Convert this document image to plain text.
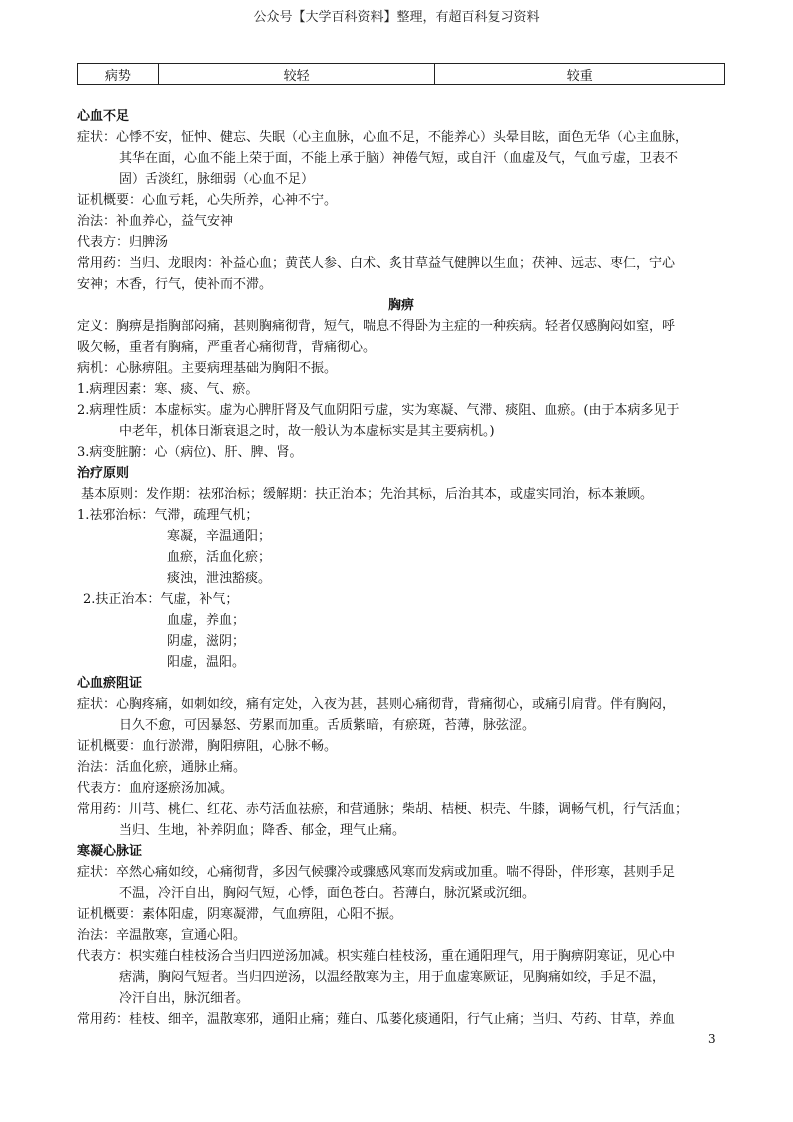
公众号【大学百科资料】整理，有超百科复习资料
病势	较轻	较重
心血不足
症状：心悸不安，怔忡、健忘、失眠（心主血脉，心血不足，不能养心）头晕目眩，面色无华（心主血脉，
其华在面，心血不能上荣于面，不能上承于脑）神倦气短，或自汗（血虚及气，气血亏虚，卫表不
固）舌淡红，脉细弱（心血不足）
证机概要：心血亏耗，心失所养，心神不宁。
治法：补血养心，益气安神
代表方：归脾汤
常用药：当归、龙眼肉：补益心血；黄芪人参、白术、炙甘草益气健脾以生血；茯神、远志、枣仁，宁心
安神；木香，行气，使补而不滞。
胸痹
定义：胸痹是指胸部闷痛，甚则胸痛彻背，短气，喘息不得卧为主症的一种疾病。轻者仅感胸闷如窒，呼
吸欠畅，重者有胸痛，严重者心痛彻背，背痛彻心。
病机：心脉痹阻。主要病理基础为胸阳不振。
1.病理因素：寒、痰、气、瘀。
2.病理性质：本虚标实。虚为心脾肝肾及气血阴阳亏虚，实为寒凝、气滞、痰阻、血瘀。(由于本病多见于
中老年，机体日渐衰退之时，故一般认为本虚标实是其主要病机。)
3.病变脏腑：心（病位)、肝、脾、肾。
治疗原则
基本原则：发作期：祛邪治标；缓解期：扶正治本；先治其标，后治其本，或虚实同治，标本兼顾。
1.祛邪治标：气滞，疏理气机；
寒凝，辛温通阳；
血瘀，活血化瘀；
痰浊，泄浊豁痰。
2.扶正治本：气虚，补气；
血虚，养血；
阴虚，滋阴；
阳虚，温阳。
心血瘀阻证
症状：心胸疼痛，如刺如绞，痛有定处，入夜为甚，甚则心痛彻背，背痛彻心，或痛引肩背。伴有胸闷，
日久不愈，可因暴怒、劳累而加重。舌质紫暗，有瘀斑，苔薄，脉弦涩。
证机概要：血行淤滞，胸阳痹阻，心脉不畅。
治法：活血化瘀，通脉止痛。
代表方：血府逐瘀汤加减。
常用药：川芎、桃仁、红花、赤芍活血祛瘀，和营通脉；柴胡、桔梗、枳壳、牛膝，调畅气机，行气活血；
当归、生地，补养阴血；降香、郁金，理气止痛。
寒凝心脉证
症状：卒然心痛如绞，心痛彻背，多因气候骤冷或骤感风寒而发病或加重。喘不得卧，伴形寒，甚则手足
不温，冷汗自出，胸闷气短，心悸，面色苍白。苔薄白，脉沉紧或沉细。
证机概要：素体阳虚，阴寒凝滞，气血痹阻，心阳不振。
治法：辛温散寒，宣通心阳。
代表方：枳实薤白桂枝汤合当归四逆汤加减。枳实薤白桂枝汤，重在通阳理气，用于胸痹阴寒证，见心中
痞满，胸闷气短者。当归四逆汤，以温经散寒为主，用于血虚寒厥证，见胸痛如绞，手足不温，
冷汗自出，脉沉细者。
常用药：桂枝、细辛，温散寒邪，通阳止痛；薤白、瓜蒌化痰通阳，行气止痛；当归、芍药、甘草，养血
3
